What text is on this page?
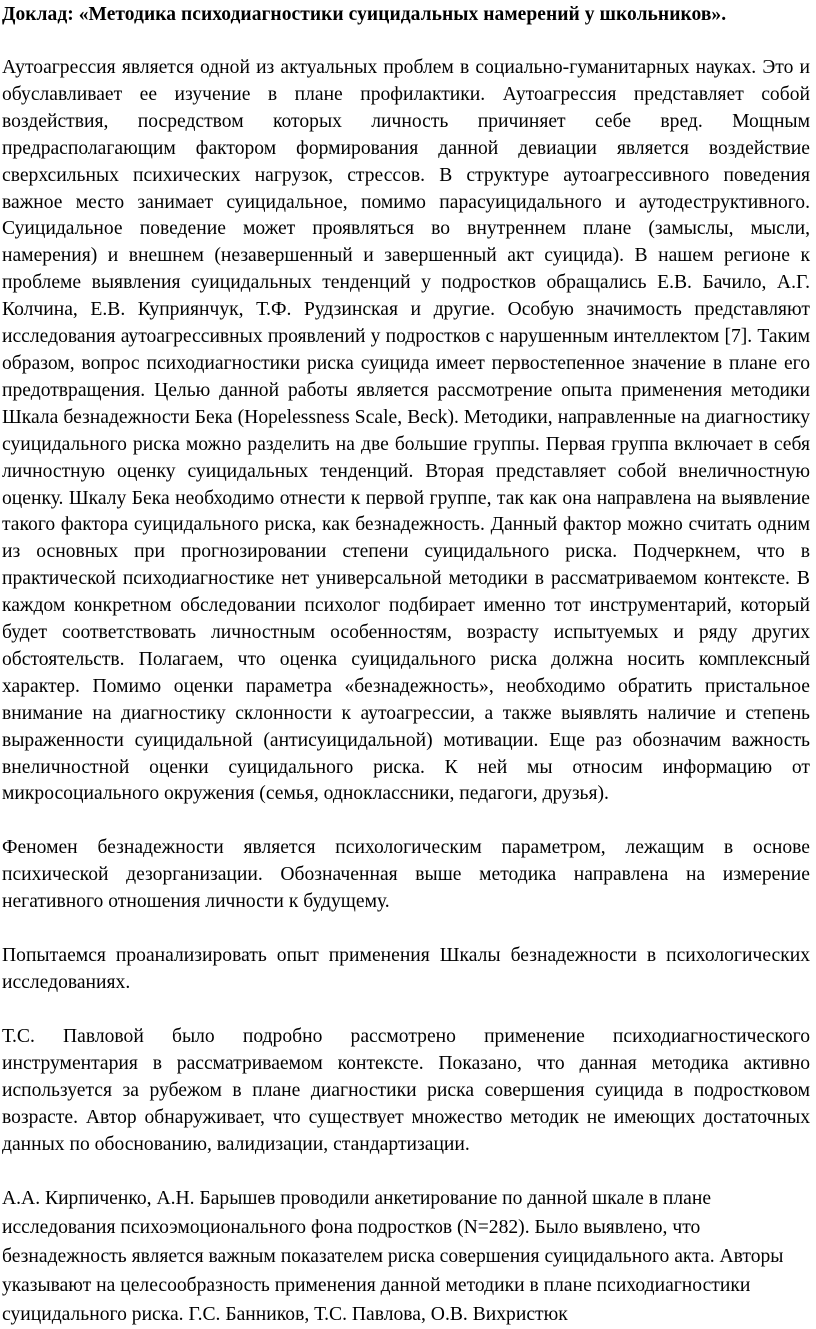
Доклад: «Методика психодиагностики суицидальных намерений у школьников».

Аутоагрессия является одной из актуальных проблем в социально-гуманитарных науках. Это и обуславливает ее изучение в плане профилактики. Аутоагрессия представляет собой воздействия, посредством которых личность причиняет себе вред. Мощным предрасполагающим фактором формирования данной девиации является воздействие сверхсильных психических нагрузок, стрессов. В структуре аутоагрессивного поведения важное место занимает суицидальное, помимо парасуицидального и аутодеструктивного. Суицидальное поведение может проявляться во внутреннем плане (замыслы, мысли, намерения) и внешнем (незавершенный и завершенный акт суицида). В нашем регионе к проблеме выявления суицидальных тенденций у подростков обращались Е.В. Бачило, А.Г. Колчина, Е.В. Куприянчук, Т.Ф. Рудзинская и другие. Особую значимость представляют исследования аутоагрессивных проявлений у подростков с нарушенным интеллектом [7]. Таким образом, вопрос психодиагностики риска суицида имеет первостепенное значение в плане его предотвращения. Целью данной работы является рассмотрение опыта применения методики Шкала безнадежности Бека (Hopelessness Scale, Beck). Методики, направленные на диагностику суицидального риска можно разделить на две большие группы. Первая группа включает в себя личностную оценку суицидальных тенденций. Вторая представляет собой внеличностную оценку. Шкалу Бека необходимо отнести к первой группе, так как она направлена на выявление такого фактора суицидального риска, как безнадежность. Данный фактор можно считать одним из основных при прогнозировании степени суицидального риска. Подчеркнем, что в практической психодиагностике нет универсальной методики в рассматриваемом контексте. В каждом конкретном обследовании психолог подбирает именно тот инструментарий, который будет соответствовать личностным особенностям, возрасту испытуемых и ряду других обстоятельств. Полагаем, что оценка суицидального риска должна носить комплексный характер. Помимо оценки параметра «безнадежность», необходимо обратить пристальное внимание на диагностику склонности к аутоагрессии, а также выявлять наличие и степень выраженности суицидальной (антисуицидальной) мотивации. Еще раз обозначим важность внеличностной оценки суицидального риска. К ней мы относим информацию от микросоциального окружения (семья, одноклассники, педагоги, друзья).

Феномен безнадежности является психологическим параметром, лежащим в основе психической дезорганизации. Обозначенная выше методика направлена на измерение негативного отношения личности к будущему.

Попытаемся проанализировать опыт применения Шкалы безнадежности в психологических исследованиях.

Т.С. Павловой было подробно рассмотрено применение психодиагностического инструментария в рассматриваемом контексте. Показано, что данная методика активно используется за рубежом в плане диагностики риска совершения суицида в подростковом возрасте. Автор обнаруживает, что существует множество методик не имеющих достаточных данных по обоснованию, валидизации, стандартизации.

А.А. Кирпиченко, А.Н. Барышев проводили анкетирование по данной шкале в плане исследования психоэмоционального фона подростков (N=282). Было выявлено, что безнадежность является важным показателем риска совершения суицидального акта. Авторы указывают на целесообразность применения данной методики в плане психодиагностики суицидального риска. Г.С. Банников, Т.С. Павлова, О.В. Вихристюк
